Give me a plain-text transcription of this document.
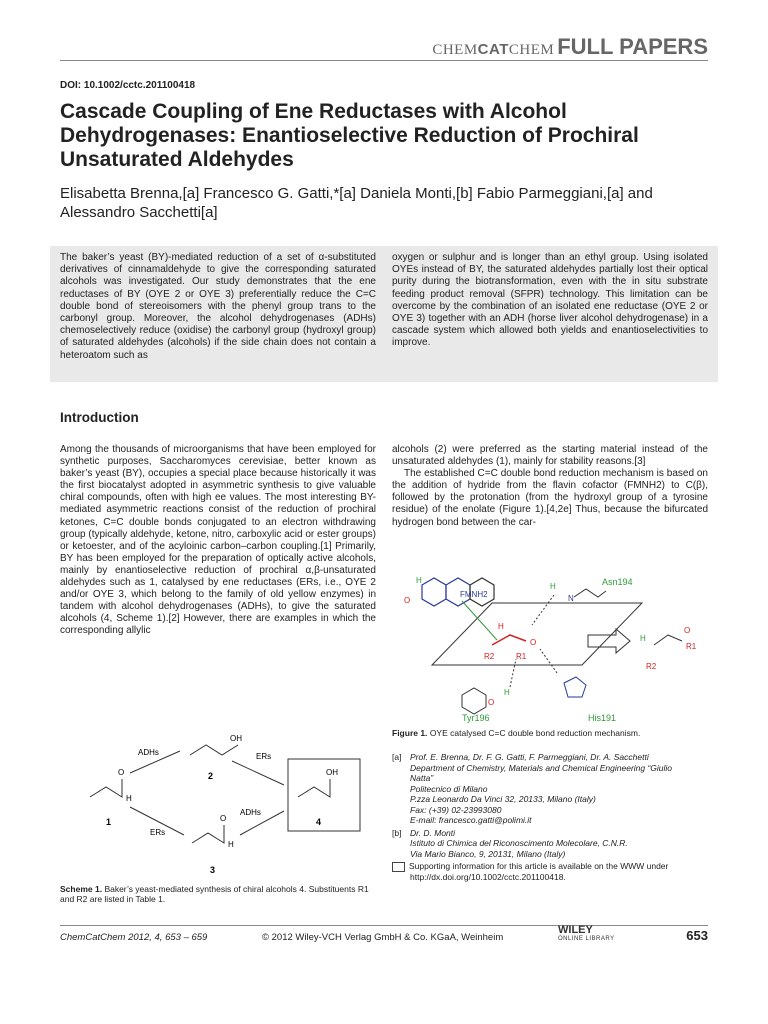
CHEMCATCHEM FULL PAPERS
DOI: 10.1002/cctc.201100418
Cascade Coupling of Ene Reductases with Alcohol Dehydrogenases: Enantioselective Reduction of Prochiral Unsaturated Aldehydes
Elisabetta Brenna,[a] Francesco G. Gatti,*[a] Daniela Monti,[b] Fabio Parmeggiani,[a] and
Alessandro Sacchetti[a]
The baker’s yeast (BY)-mediated reduction of a set of α-substituted derivatives of cinnamaldehyde to give the corresponding saturated alcohols was investigated. Our study demonstrates that the ene reductases of BY (OYE 2 or OYE 3) preferentially reduce the C=C double bond of stereoisomers with the phenyl group trans to the carbonyl group. Moreover, the alcohol dehydrogenases (ADHs) chemoselectively reduce (oxidise) the carbonyl group (hydroxyl group) of saturated aldehydes (alcohols) if the side chain does not contain a heteroatom such as
oxygen or sulphur and is longer than an ethyl group. Using isolated OYEs instead of BY, the saturated aldehydes partially lost their optical purity during the biotransformation, even with the in situ substrate feeding product removal (SFPR) technology. This limitation can be overcome by the combination of an isolated ene reductase (OYE 2 or OYE 3) together with an ADH (horse liver alcohol dehydrogenase) in a cascade system which allowed both yields and enantioselectivities to improve.
Introduction
Among the thousands of microorganisms that have been employed for synthetic purposes, Saccharomyces cerevisiae, better known as baker’s yeast (BY), occupies a special place because historically it was the first biocatalyst adopted in asymmetric synthesis to give valuable chiral compounds, often with high ee values. The most interesting BY-mediated asymmetric reactions consist of the reduction of prochiral ketones, C=C double bonds conjugated to an electron withdrawing group (typically aldehyde, ketone, nitro, carboxylic acid or ester groups) or ketoester, and of the acyloinic carbon–carbon coupling.[1] Primarily, BY has been employed for the preparation of optically active alcohols, mainly by enantioselective reduction of prochiral α,β-unsaturated aldehydes such as 1, catalysed by ene reductases (ERs, i.e., OYE 2 and/or OYE 3, which belong to the family of old yellow enzymes) in tandem with alcohol dehydrogenases (ADHs), to give the saturated alcohols (4, Scheme 1).[2] However, there are examples in which the corresponding allylic

alcohols (2) were preferred as the starting material instead of the unsaturated aldehydes (1), mainly for stability reasons.[3]

The established C=C double bond reduction mechanism is based on the addition of hydride from the flavin cofactor (FMNH2) to C(β), followed by the protonation (from the hydroxyl group of a tyrosine residue) of the enolate (Figure 1).[4,2e] Thus, because the bifurcated hydrogen bond between the car-

O
FMNH2
H
H
N
Asn194
H
O
R2	R1
O
R1
R2
H
O
H
Tyr196	His191
Figure 1. OYE catalysed C=C double bond reduction mechanism.
O
H
1
OH
2
O
H
3
OH
4
ADHs	ERs
ERs
ADHs
Scheme 1. Baker’s yeast-mediated synthesis of chiral alcohols 4. Substituents R1 and R2 are listed in Table 1.
[a] Prof. E. Brenna, Dr. F. G. Gatti, F. Parmeggiani, Dr. A. Sacchetti
Department of Chemistry, Materials and Chemical Engineering “Giulio
Natta”
Politecnico di Milano
P.zza Leonardo Da Vinci 32, 20133, Milano (Italy)
Fax: (+39) 02-23993080
E-mail: francesco.gatti@polimi.it
[b] Dr. D. Monti
Istituto di Chimica del Riconoscimento Molecolare, C.N.R.
Via Mario Bianco, 9, 20131, Milano (Italy)
Supporting information for this article is available on the WWW under
http://dx.doi.org/10.1002/cctc.201100418.
ChemCatChem 2012, 4, 653 – 659	© 2012 Wiley-VCH Verlag GmbH & Co. KGaA, Weinheim
WILEY
ONLINE LIBRARY	653
